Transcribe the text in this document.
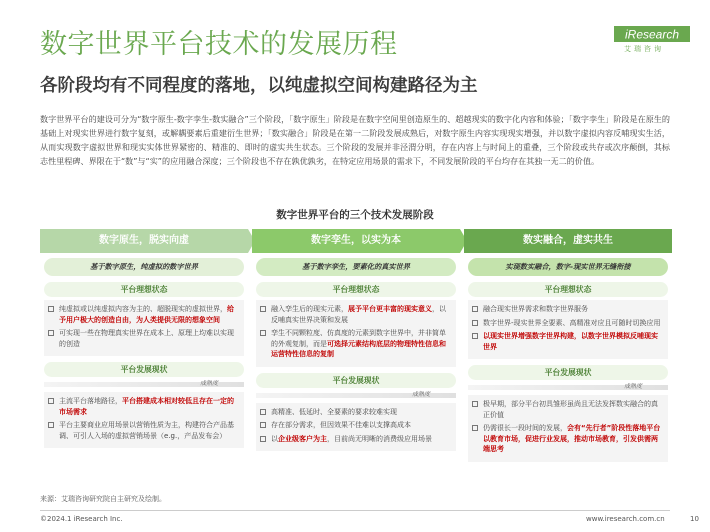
数字世界平台技术的发展历程
各阶段均有不同程度的落地，以纯虚拟空间构建路径为主
iResearch
艾瑞咨询
数字世界平台的建设可分为“数字原生-数字孪生-数实融合”三个阶段，「数字原生」阶段是在数字空间里创造原生的、超越现实的数字化内容和体验；「数字孪生」阶段是在原生的基础上对现实世界进行数字复刻，或解耦要素后重建衍生世界；「数实融合」阶段是在第一二阶段发展成熟后，对数字原生内容实现现实增强，并以数字虚拟内容反哺现实生活，从而实现数字虚拟世界和现实实体世界紧密的、精准的、即时的虚实共生状态。三个阶段的发展并非泾渭分明，存在内容上与时间上的重叠，三个阶段或共存或次序颠倒，其标志性里程碑、界限在于“数”与“实”的应用融合深度；三个阶段也不存在孰优孰劣，在特定应用场景的需求下，不同发展阶段的平台均存在其独一无二的价值。
数字世界平台的三个技术发展阶段
数字原生，脱实向虚
基于数字原生，纯虚拟的数字世界
平台理想状态
纯虚拟或以纯虚拟内容为主的、超脱现实的虚拟世界，给予用户极大的创造自由，为人类提供无限的想象空间
可实现一些在物理真实世界在成本上、原理上均难以实现的创造
平台发展现状
成熟度
主流平台落地路径，平台搭建成本相对较低且存在一定的市场需求
平台主要商业应用场景以营销性质为主，构建符合产品基调、可引人入场的虚拟营销场景（e.g.，产品发布会）
数字孪生，以实为本
基于数字孪生，要素化的真实世界
平台理想状态
融入孪生后的现实元素，展予平台更丰富的现实意义，以反哺真实世界决策和发展
孪生不同颗粒度、仿真度的元素到数字世界中，并非简单的外观复制，而是可选择元素结构底层的物理特性信息和运营特性信息的复制
平台发展现状
成熟度
高精准、低延时、全要素的要求较难实现
存在部分需求，但因效果不佳难以支撑高成本
以企业级客户为主，目前尚无明晰的消费级应用场景
数实融合，虚实共生
实现数实融合，数字-现实世界无缝衔接
平台理想状态
融合现实世界需求和数字世界服务
数字世界-现实世界全要素、高精准对应且可随时切换应用
以现实世界增强数字世界构建，以数字世界模拟反哺现实世界
平台发展现状
成熟度
极早期，部分平台初具雏形虽尚且无法发挥数实融合的真正价值
仍需很长一段时间的发展，会有“先行者”阶段性落地平台以教育市场，促进行业发展，推动市场教育，引发供需两端思考
来源：艾瑞咨询研究院自主研究及绘制。
©2024.1 iResearch Inc.	www.iresearch.com.cn	10
